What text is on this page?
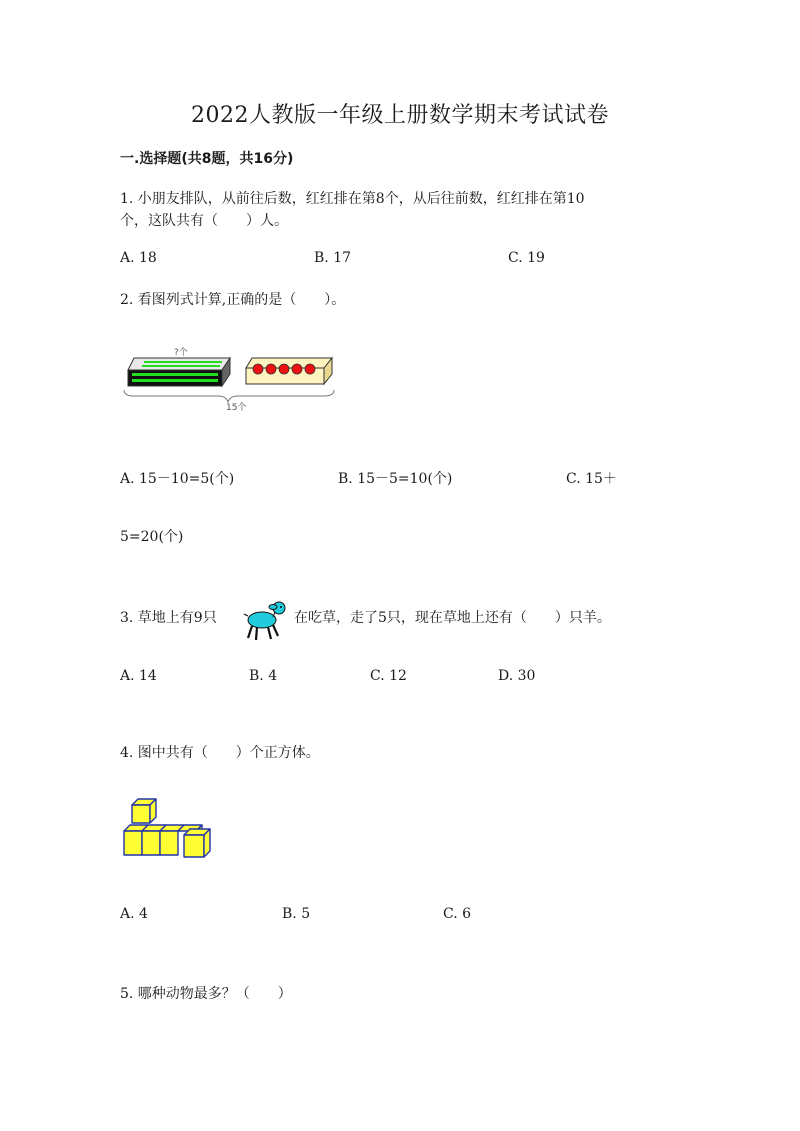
2022人教版一年级上册数学期末考试试卷
一.选择题(共8题，共16分)
1. 小朋友排队，从前往后数，红红排在第8个，从后往前数，红红排在第10
个，这队共有（　　）人。
A. 18	B. 17	C. 19
2. 看图列式计算,正确的是（　　）。
?个
15个
A. 15－10=5(个)	B. 15－5=10(个)	C. 15＋
5=20(个)
3. 草地上有9只	在吃草，走了5只，现在草地上还有（　　）只羊。
A. 14	B. 4	C. 12	D. 30
4. 图中共有（　　）个正方体。
A. 4	B. 5	C. 6
5. 哪种动物最多？（　　）
